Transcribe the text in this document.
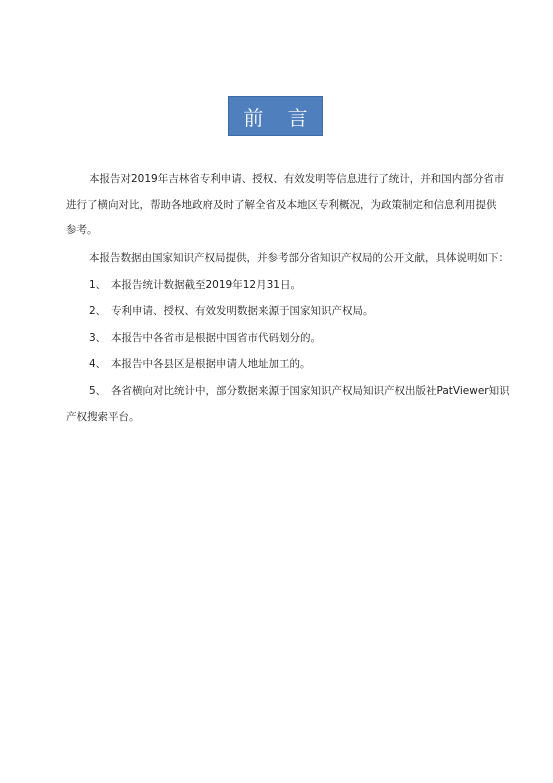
前 言

本报告对2019年吉林省专利申请、授权、有效发明等信息进行了统计，并和国内部分省市

进行了横向对比，帮助各地政府及时了解全省及本地区专利概况，为政策制定和信息利用提供

参考。

本报告数据由国家知识产权局提供，并参考部分省知识产权局的公开文献，具体说明如下：

1、 本报告统计数据截至2019年12月31日。
2、 专利申请、授权、有效发明数据来源于国家知识产权局。
3、 本报告中各省市是根据中国省市代码划分的。
4、 本报告中各县区是根据申请人地址加工的。
5、 各省横向对比统计中，部分数据来源于国家知识产权局知识产权出版社PatViewer知识
产权搜索平台。
